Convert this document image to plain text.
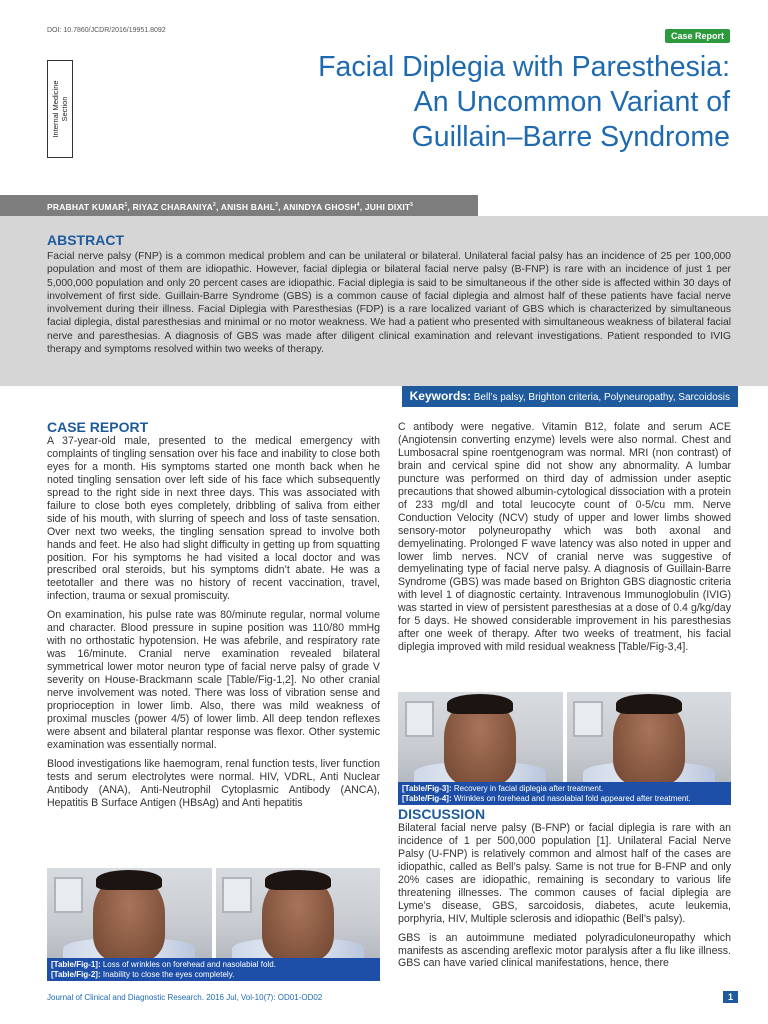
DOI: 10.7860/JCDR/2016/19951.8092
Case Report
Internal Medicine Section
Facial Diplegia with Paresthesia:
An Uncommon Variant of
Guillain–Barre Syndrome
PRABHAT KUMAR$^1$, RIYAZ CHARANIYA$^2$, ANISH BAHL$^3$, ANINDYA GHOSH$^4$, JUHI DIXIT$^5$
ABSTRACT

Facial nerve palsy (FNP) is a common medical problem and can be unilateral or bilateral. Unilateral facial palsy has an incidence of 25 per 100,000 population and most of them are idiopathic. However, facial diplegia or bilateral facial nerve palsy (B-FNP) is rare with an incidence of just 1 per 5,000,000 population and only 20 percent cases are idiopathic. Facial diplegia is said to be simultaneous if the other side is affected within 30 days of involvement of first side. Guillain-Barre Syndrome (GBS) is a common cause of facial diplegia and almost half of these patients have facial nerve involvement during their illness. Facial Diplegia with Paresthesias (FDP) is a rare localized variant of GBS which is characterized by simultaneous facial diplegia, distal paresthesias and minimal or no motor weakness. We had a patient who presented with simultaneous weakness of bilateral facial nerve and paresthesias. A diagnosis of GBS was made after diligent clinical examination and relevant investigations. Patient responded to IVIG therapy and symptoms resolved within two weeks of therapy.

Keywords: Bell’s palsy, Brighton criteria, Polyneuropathy, Sarcoidosis
CASE REPORT

A 37-year-old male, presented to the medical emergency with complaints of tingling sensation over his face and inability to close both eyes for a month. His symptoms started one month back when he noted tingling sensation over left side of his face which subsequently spread to the right side in next three days. This was associated with failure to close both eyes completely, dribbling of saliva from either side of his mouth, with slurring of speech and loss of taste sensation. Over next two weeks, the tingling sensation spread to involve both hands and feet. He also had slight difficulty in getting up from squatting position. For his symptoms he had visited a local doctor and was prescribed oral steroids, but his symptoms didn’t abate. He was a teetotaller and there was no history of recent vaccination, travel, infection, trauma or sexual promiscuity.

On examination, his pulse rate was 80/minute regular, normal volume and character. Blood pressure in supine position was 110/80 mmHg with no orthostatic hypotension. He was afebrile, and respiratory rate was 16/minute. Cranial nerve examination revealed bilateral symmetrical lower motor neuron type of facial nerve palsy of grade V severity on House-Brackmann scale [Table/Fig-1,2]. No other cranial nerve involvement was noted. There was loss of vibration sense and proprioception in lower limb. Also, there was mild weakness of proximal muscles (power 4/5) of lower limb. All deep tendon reflexes were absent and bilateral plantar response was flexor. Other systemic examination was essentially normal.

Blood investigations like haemogram, renal function tests, liver function tests and serum electrolytes were normal. HIV, VDRL, Anti Nuclear Antibody (ANA), Anti-Neutrophil Cytoplasmic Antibody (ANCA), Hepatitis B Surface Antigen (HBsAg) and Anti hepatitis

C antibody were negative. Vitamin B12, folate and serum ACE (Angiotensin converting enzyme) levels were also normal. Chest and Lumbosacral spine roentgenogram was normal. MRI (non contrast) of brain and cervical spine did not show any abnormality. A lumbar puncture was performed on third day of admission under aseptic precautions that showed albumin-cytological dissociation with a protein of 233 mg/dl and total leucocyte count of 0-5/cu mm. Nerve Conduction Velocity (NCV) study of upper and lower limbs showed sensory-motor polyneuropathy which was both axonal and demyelinating. Prolonged F wave latency was also noted in upper and lower limb nerves. NCV of cranial nerve was suggestive of demyelinating type of facial nerve palsy. A diagnosis of Guillain-Barre Syndrome (GBS) was made based on Brighton GBS diagnostic criteria with level 1 of diagnostic certainty. Intravenous Immunoglobulin (IVIG) was started in view of persistent paresthesias at a dose of 0.4 g/kg/day for 5 days. He showed considerable improvement in his paresthesias after one week of therapy. After two weeks of treatment, his facial diplegia improved with mild residual weakness [Table/Fig-3,4].

[Table/Fig-3]: Recovery in facial diplegia after treatment.
[Table/Fig-4]: Wrinkles on forehead and nasolabial fold appeared after treatment.
DISCUSSION

Bilateral facial nerve palsy (B-FNP) or facial diplegia is rare with an incidence of 1 per 500,000 population [1]. Unilateral Facial Nerve Palsy (U-FNP) is relatively common and almost half of the cases are idiopathic, called as Bell’s palsy. Same is not true for B-FNP and only 20% cases are idiopathic, remaining is secondary to various life threatening illnesses. The common causes of facial diplegia are Lyme’s disease, GBS, sarcoidosis, diabetes, acute leukemia, porphyria, HIV, Multiple sclerosis and idiopathic (Bell’s palsy).

GBS is an autoimmune mediated polyradiculoneuropathy which manifests as ascending areflexic motor paralysis after a flu like illness. GBS can have varied clinical manifestations, hence, there

[Table/Fig-1]: Loss of wrinkles on forehead and nasolabial fold.
[Table/Fig-2]: Inability to close the eyes completely.
Journal of Clinical and Diagnostic Research. 2016 Jul, Vol-10(7): OD01-OD02	1
